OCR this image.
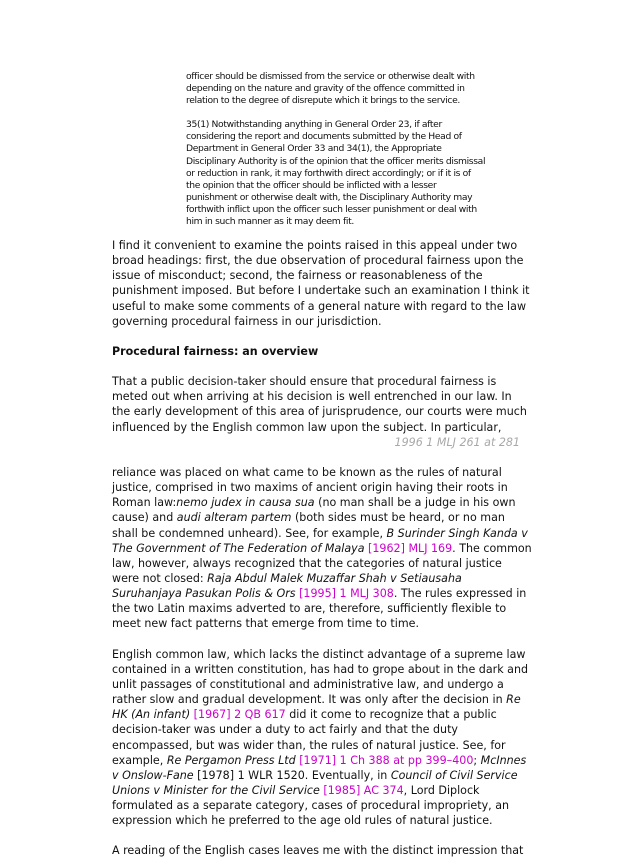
officer should be dismissed from the service or otherwise dealt with depending on the nature and gravity of the offence committed in relation to the degree of disrepute which it brings to the service.

35(1) Notwithstanding anything in General Order 23, if after considering the report and documents submitted by the Head of Department in General Order 33 and 34(1), the Appropriate Disciplinary Authority is of the opinion that the officer merits dismissal or reduction in rank, it may forthwith direct accordingly; or if it is of the opinion that the officer should be inflicted with a lesser punishment or otherwise dealt with, the Disciplinary Authority may forthwith inflict upon the officer such lesser punishment or deal with him in such manner as it may deem fit.

I find it convenient to examine the points raised in this appeal under two broad headings: first, the due observation of procedural fairness upon the issue of misconduct; second, the fairness or reasonableness of the punishment imposed. But before I undertake such an examination I think it useful to make some comments of a general nature with regard to the law governing procedural fairness in our jurisdiction.

Procedural fairness: an overview

That a public decision-taker should ensure that procedural fairness is meted out when arriving at his decision is well entrenched in our law. In the early development of this area of jurisprudence, our courts were much influenced by the English common law upon the subject. In particular,

1996 1 MLJ 261 at 281

reliance was placed on what came to be known as the rules of natural justice, comprised in two maxims of ancient origin having their roots in Roman law:nemo judex in causa sua (no man shall be a judge in his own cause) and audi alteram partem (both sides must be heard, or no man shall be condemned unheard). See, for example, B Surinder Singh Kanda v The Government of The Federation of Malaya [1962] MLJ 169. The common law, however, always recognized that the categories of natural justice were not closed: Raja Abdul Malek Muzaffar Shah v Setiausaha Suruhanjaya Pasukan Polis & Ors [1995] 1 MLJ 308. The rules expressed in the two Latin maxims adverted to are, therefore, sufficiently flexible to meet new fact patterns that emerge from time to time.

English common law, which lacks the distinct advantage of a supreme law contained in a written constitution, has had to grope about in the dark and unlit passages of constitutional and administrative law, and undergo a rather slow and gradual development. It was only after the decision in Re HK (An infant) [1967] 2 QB 617 did it come to recognize that a public decision-taker was under a duty to act fairly and that the duty encompassed, but was wider than, the rules of natural justice. See, for example, Re Pergamon Press Ltd [1971] 1 Ch 388 at pp 399–400; McInnes v Onslow-Fane [1978] 1 WLR 1520. Eventually, in Council of Civil Service Unions v Minister for the Civil Service [1985] AC 374, Lord Diplock formulated as a separate category, cases of procedural impropriety, an expression which he preferred to the age old rules of natural justice.

A reading of the English cases leaves me with the distinct impression that
